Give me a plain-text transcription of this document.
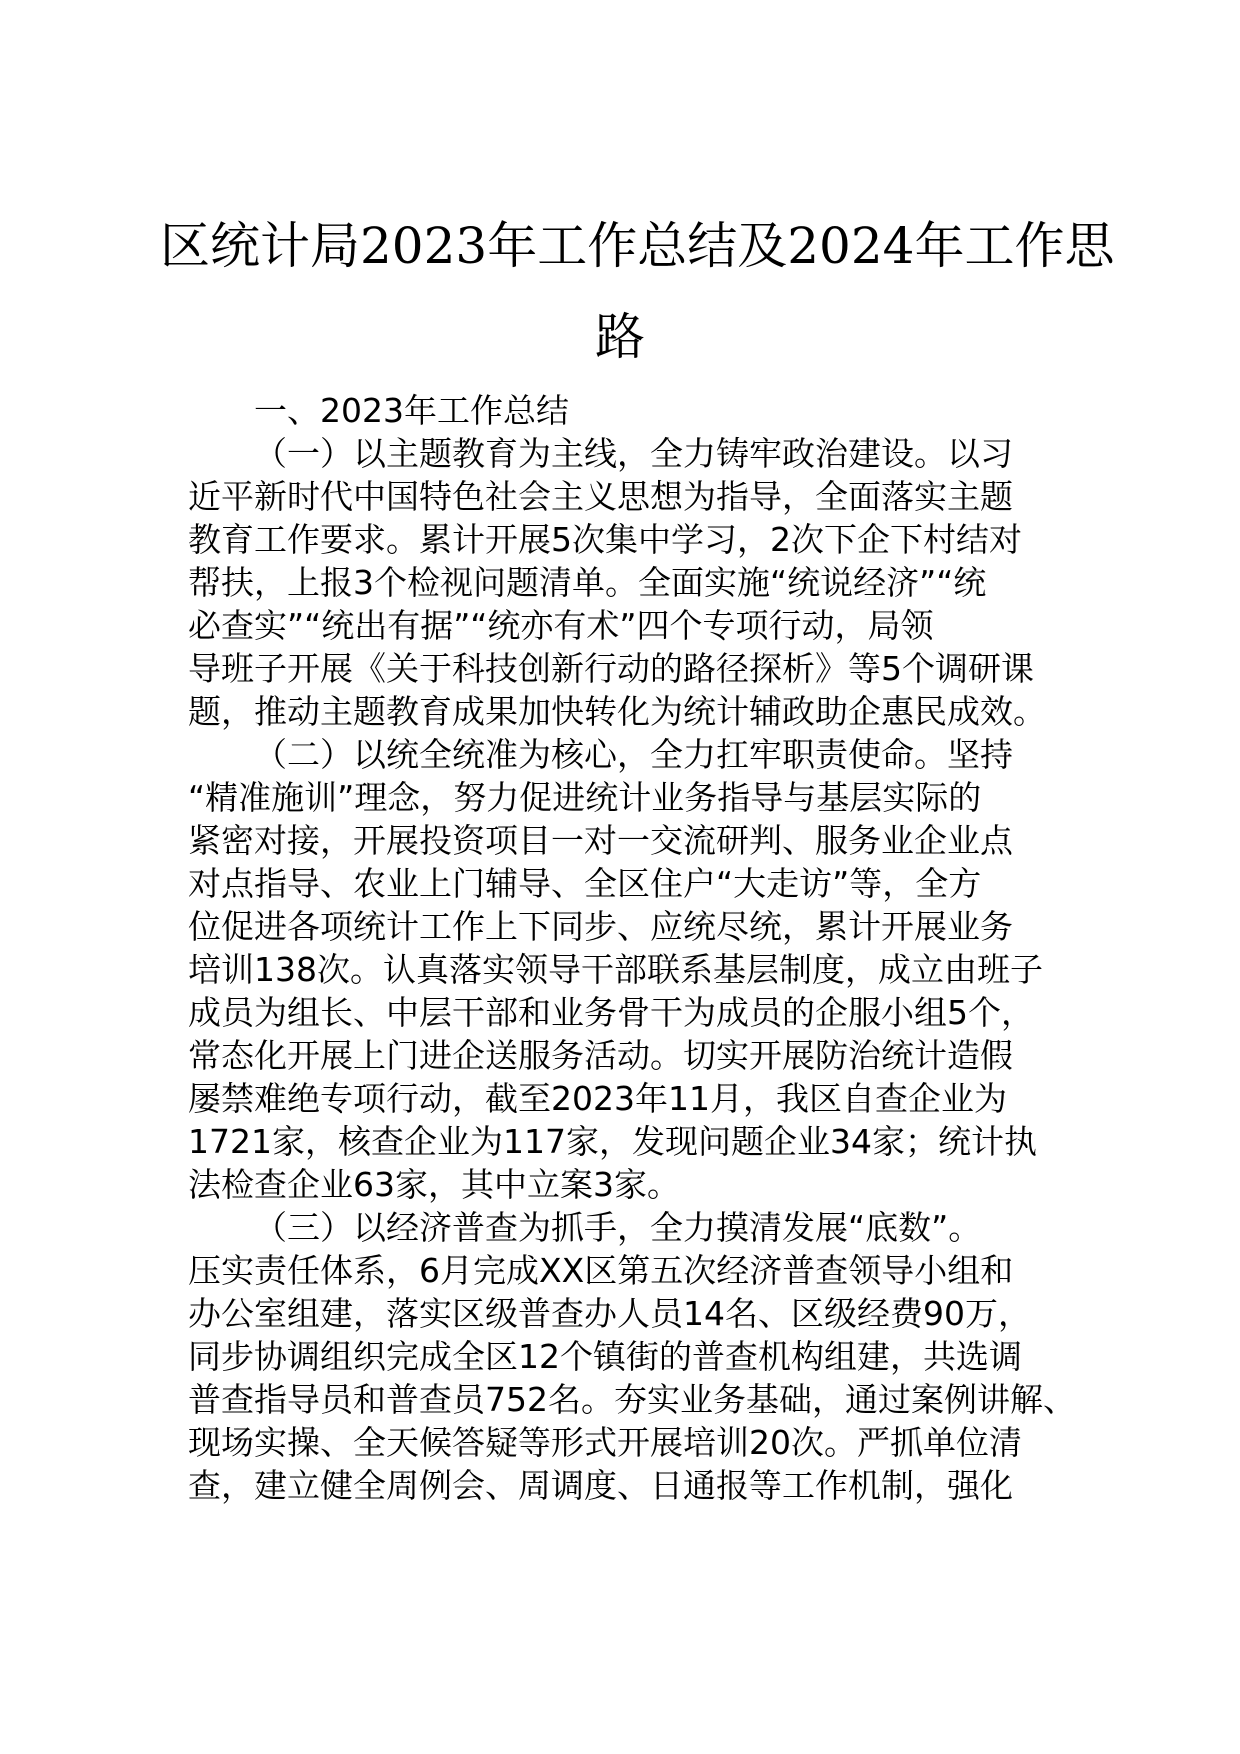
区统计局2023年工作总结及2024年工作思
路

一、2023年工作总结

（一）以主题教育为主线，全力铸牢政治建设。以习

近平新时代中国特色社会主义思想为指导，全面落实主题

教育工作要求。累计开展5次集中学习，2次下企下村结对

帮扶，上报3个检视问题清单。全面实施“统说经济”“统

必查实”“统出有据”“统亦有术”四个专项行动，局领

导班子开展《关于科技创新行动的路径探析》等5个调研课

题，推动主题教育成果加快转化为统计辅政助企惠民成效。

（二）以统全统准为核心，全力扛牢职责使命。坚持

“精准施训”理念，努力促进统计业务指导与基层实际的

紧密对接，开展投资项目一对一交流研判、服务业企业点

对点指导、农业上门辅导、全区住户“大走访”等，全方

位促进各项统计工作上下同步、应统尽统，累计开展业务

培训138次。认真落实领导干部联系基层制度，成立由班子

成员为组长、中层干部和业务骨干为成员的企服小组5个，

常态化开展上门进企送服务活动。切实开展防治统计造假

屡禁难绝专项行动，截至2023年11月，我区自查企业为

1721家，核查企业为117家，发现问题企业34家；统计执

法检查企业63家，其中立案3家。

（三）以经济普查为抓手，全力摸清发展“底数”。

压实责任体系，6月完成XX区第五次经济普查领导小组和

办公室组建，落实区级普查办人员14名、区级经费90万，

同步协调组织完成全区12个镇街的普查机构组建，共选调

普查指导员和普查员752名。夯实业务基础，通过案例讲解、

现场实操、全天候答疑等形式开展培训20次。严抓单位清

查，建立健全周例会、周调度、日通报等工作机制，强化
